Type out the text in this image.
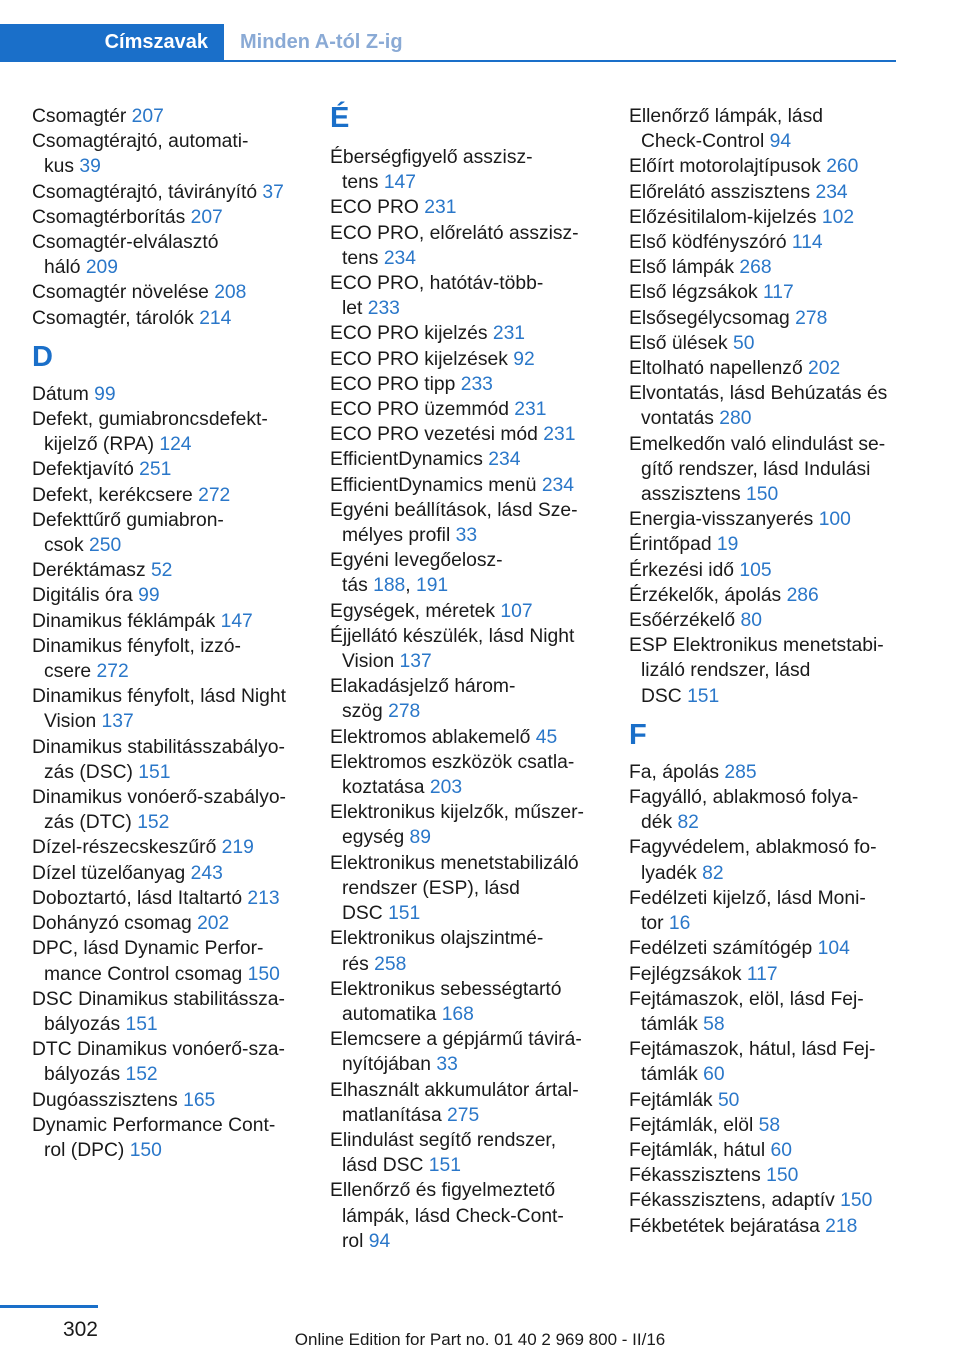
Címszavak	Minden A-tól Z-ig
Csomagtér 207
Csomagtérajtó, automati‐
kus 39
Csomagtérajtó, távirányító 37
Csomagtérborítás 207
Csomagtér-elválasztó
háló 209
Csomagtér növelése 208
Csomagtér, tárolók 214
D
Dátum 99
Defekt, gumiabroncsdefekt‐
kijelző (RPA) 124
Defektjavító 251
Defekt, kerékcsere 272
Defekttűrő gumiabron‐
csok 250
Deréktámasz 52
Digitális óra 99
Dinamikus féklámpák 147
Dinamikus fényfolt, izzó‐
csere 272
Dinamikus fényfolt, lásd Night
Vision 137
Dinamikus stabilitásszabályo‐
zás (DSC) 151
Dinamikus vonóerő-szabályo‐
zás (DTC) 152
Dízel-részecskeszűrő 219
Dízel tüzelőanyag 243
Doboztartó, lásd Italtartó 213
Dohányzó csomag 202
DPC, lásd Dynamic Perfor‐
mance Control csomag 150
DSC Dinamikus stabilitássza‐
bályozás 151
DTC Dinamikus vonóerő-sza‐
bályozás 152
Dugóasszisztens 165
Dynamic Performance Cont‐
rol (DPC) 150
É
Éberségfigyelő asszisz‐
tens 147
ECO PRO 231
ECO PRO, előrelátó asszisz‐
tens 234
ECO PRO, hatótáv-több‐
let 233
ECO PRO kijelzés 231
ECO PRO kijelzések 92
ECO PRO tipp 233
ECO PRO üzemmód 231
ECO PRO vezetési mód 231
EfficientDynamics 234
EfficientDynamics menü 234
Egyéni beállítások, lásd Sze‐
mélyes profil 33
Egyéni levegőelosz‐
tás 188, 191
Egységek, méretek 107
Éjjellátó készülék, lásd Night
Vision 137
Elakadásjelző három‐
szög 278
Elektromos ablakemelő 45
Elektromos eszközök csatla‐
koztatása 203
Elektronikus kijelzők, műszer‐
egység 89
Elektronikus menetstabilizáló
rendszer (ESP), lásd
DSC 151
Elektronikus olajszintmé‐
rés 258
Elektronikus sebességtartó
automatika 168
Elemcsere a gépjármű távirá‐
nyítójában 33
Elhasznált akkumulátor ártal‐
matlanítása 275
Elindulást segítő rendszer,
lásd DSC 151
Ellenőrző és figyelmeztető
lámpák, lásd Check-Cont‐
rol 94
Ellenőrző lámpák, lásd
Check-Control 94
Előírt motorolajtípusok 260
Előrelátó asszisztens 234
Előzésitilalom-kijelzés 102
Első ködfényszóró 114
Első lámpák 268
Első légzsákok 117
Elsősegélycsomag 278
Első ülések 50
Eltolható napellenző 202
Elvontatás, lásd Behúzatás és
vontatás 280
Emelkedőn való elindulást se‐
gítő rendszer, lásd Indulási
asszisztens 150
Energia-visszanyerés 100
Érintőpad 19
Érkezési idő 105
Érzékelők, ápolás 286
Esőérzékelő 80
ESP Elektronikus menetstabi‐
lizáló rendszer, lásd
DSC 151
F
Fa, ápolás 285
Fagyálló, ablakmosó folya‐
dék 82
Fagyvédelem, ablakmosó fo‐
lyadék 82
Fedélzeti kijelző, lásd Moni‐
tor 16
Fedélzeti számítógép 104
Fejlégzsákok 117
Fejtámaszok, elöl, lásd Fej‐
támlák 58
Fejtámaszok, hátul, lásd Fej‐
támlák 60
Fejtámlák 50
Fejtámlák, elöl 58
Fejtámlák, hátul 60
Fékasszisztens 150
Fékasszisztens, adaptív 150
Fékbetétek bejáratása 218
302	Online Edition for Part no. 01 40 2 969 800 - II/16
